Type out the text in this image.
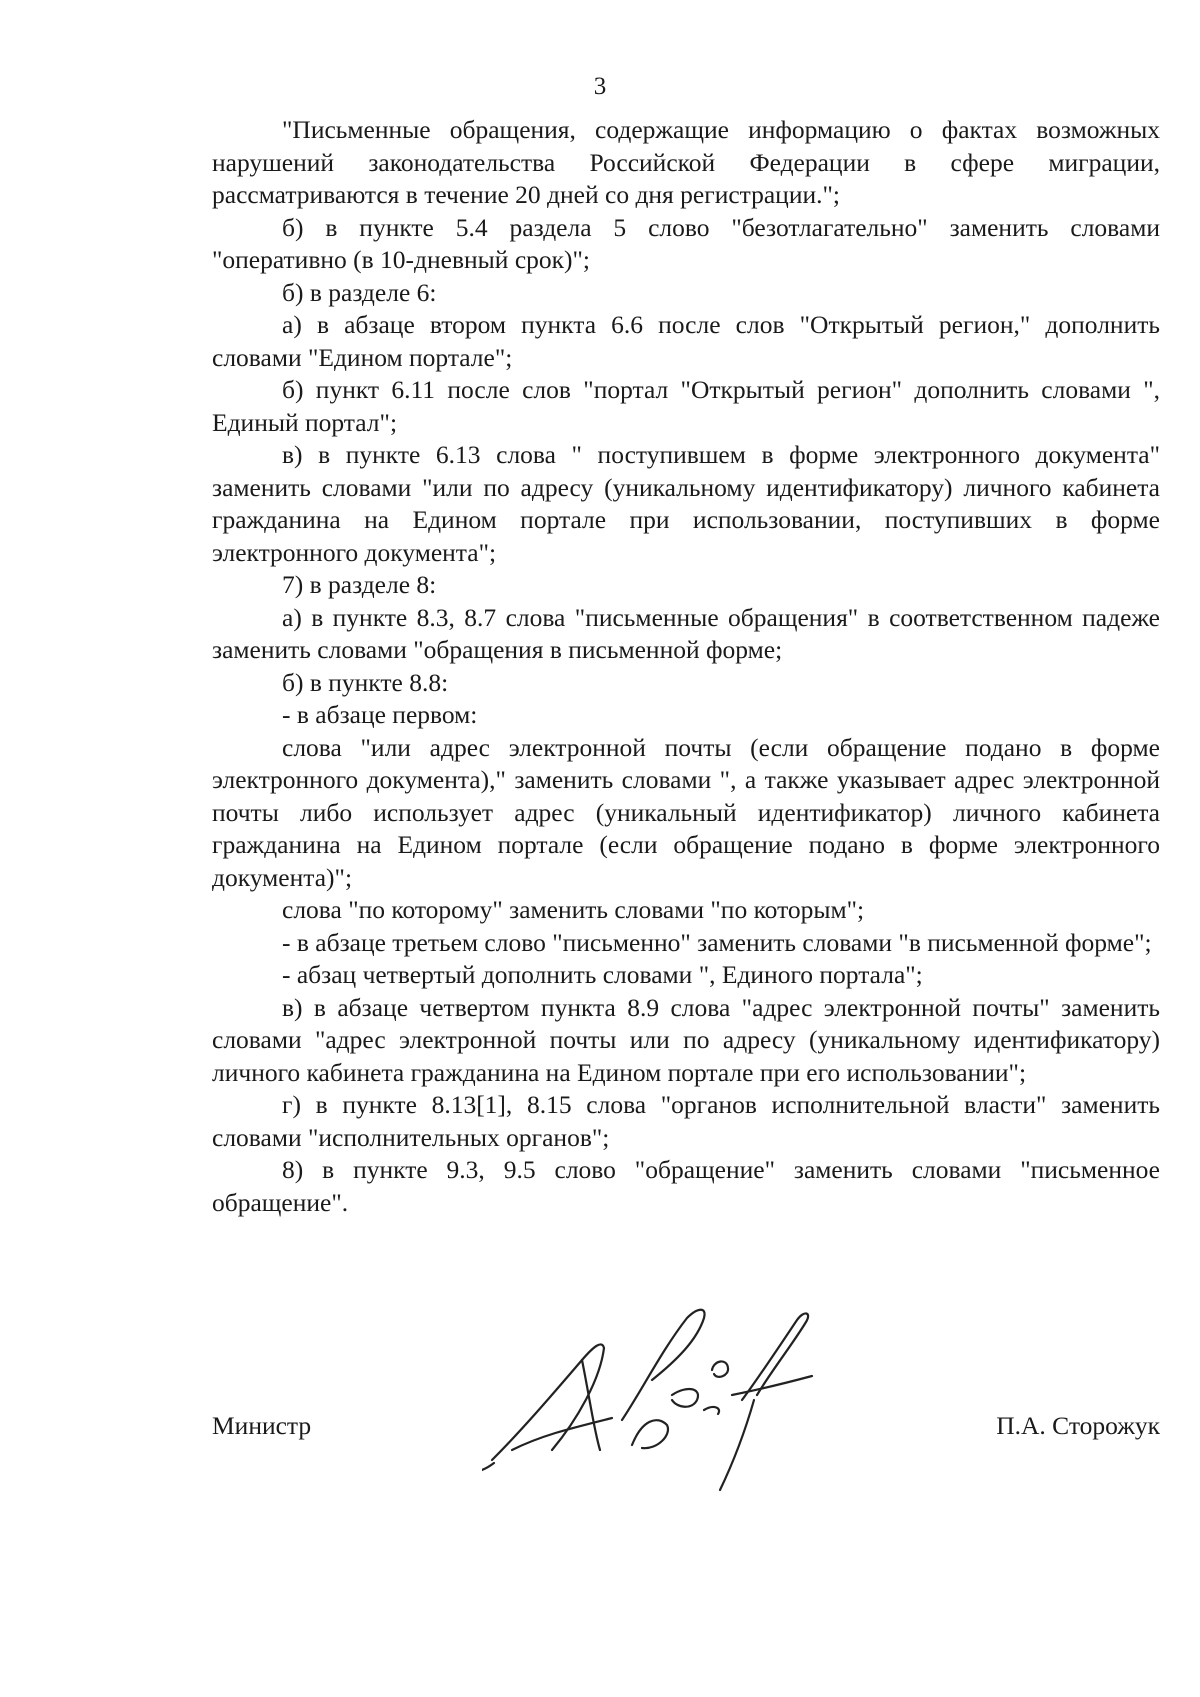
3

"Письменные обращения, содержащие информацию о фактах возможных нарушений законодательства Российской Федерации в сфере миграции, рассматриваются в течение 20 дней со дня регистрации.";

б) в пункте 5.4 раздела 5 слово "безотлагательно" заменить словами "оперативно (в 10-дневный срок)";

б) в разделе 6:

а) в абзаце втором пункта 6.6 после слов "Открытый регион," дополнить словами "Едином портале";

б) пункт 6.11 после слов "портал "Открытый регион" дополнить словами ", Единый портал";

в) в пункте 6.13 слова " поступившем в форме электронного документа" заменить словами "или по адресу (уникальному идентификатору) личного кабинета гражданина на Едином портале при использовании, поступивших в форме электронного документа";

7) в разделе 8:

а) в пункте 8.3, 8.7 слова "письменные обращения" в соответственном падеже заменить словами "обращения в письменной форме;

б) в пункте 8.8:

- в абзаце первом:

слова "или адрес электронной почты (если обращение подано в форме электронного документа)," заменить словами ", а также указывает адрес электронной почты либо использует адрес (уникальный идентификатор) личного кабинета гражданина на Едином портале (если обращение подано в форме электронного документа)";

слова "по которому" заменить словами "по которым";

- в абзаце третьем слово "письменно" заменить словами "в письменной форме";

- абзац четвертый дополнить словами ", Единого портала";

в) в абзаце четвертом пункта 8.9 слова "адрес электронной почты" заменить словами "адрес электронной почты или по адресу (уникальному идентификатору) личного кабинета гражданина на Едином портале при его использовании";

г) в пункте 8.13[1], 8.15 слова "органов исполнительной власти" заменить словами "исполнительных органов";

8) в пункте 9.3, 9.5 слово "обращение" заменить словами "письменное обращение".

Министр	П.А. Сторожук
